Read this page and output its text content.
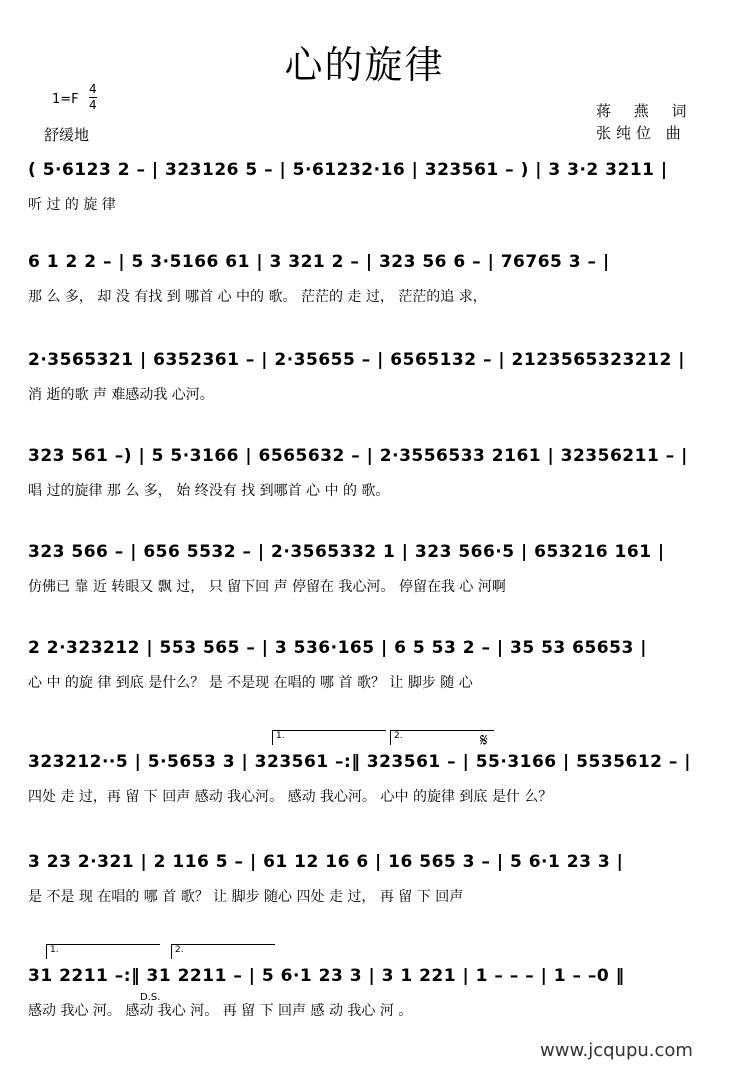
心的旋律
1=F
4
4
舒缓地
蒋 燕 词
张纯位 曲
( 5·6123 2 – | 323126 5 – | 5·61232·16 | 323561 – ) | 3 3·2 3211 |
听 过 的 旋 律
6 1 2 2 – | 5 3·5166 61 | 3 321 2 – | 323 56 6 – | 76765 3 – |
那 么 多， 却 没 有找 到 哪首 心 中的 歌。 茫茫的 走 过， 茫茫的追 求，
2·3565321 | 6352361 – | 2·35655 – | 6565132 – | 2123565323212 |
消 逝的歌 声 难感动我 心河。
323 561 –) | 5 5·3166 | 6565632 – | 2·3556533 2161 | 32356211 – |
唱 过的旋律 那 么 多， 始 终没有 找 到哪首 心 中 的 歌。
323 566 – | 656 5532 – | 2·3565332 1 | 323 566·5 | 653216 161 |
仿佛已 靠 近 转眼又 飘 过， 只 留下回 声 停留在 我心河。 停留在我 心 河啊
2 2·323212 | 553 565 – | 3 536·165 | 6 5 53 2 – | 35 53 65653 |
心 中 的旋 律 到底 是什么？ 是 不是现 在唱的 哪 首 歌？ 让 脚步 随 心
1.	2.
323212··5 | 5·5653 3 | 323561 –:‖ 323561 – | 55·3166 | 5535612 – |
四处 走 过，再 留 下 回声 感动 我心河。 感动 我心河。 心中 的旋律 到底 是什 么？
3 23 2·321 | 2 116 5 – | 61 12 16 6 | 16 565 3 – | 5 6·1 23 3 |
是 不是 现 在唱的 哪 首 歌？ 让 脚步 随心 四处 走 过， 再 留 下 回声
1.	2.
31 2211 –:‖ 31 2211 – | 5 6·1 23 3 | 3 1 221 | 1 – – – | 1 – –0 ‖
感动 我心 河。 感动 我心 河。 再 留 下 回声 感 动 我心 河 。
D.S.
𝄋
www.jcqupu.com
